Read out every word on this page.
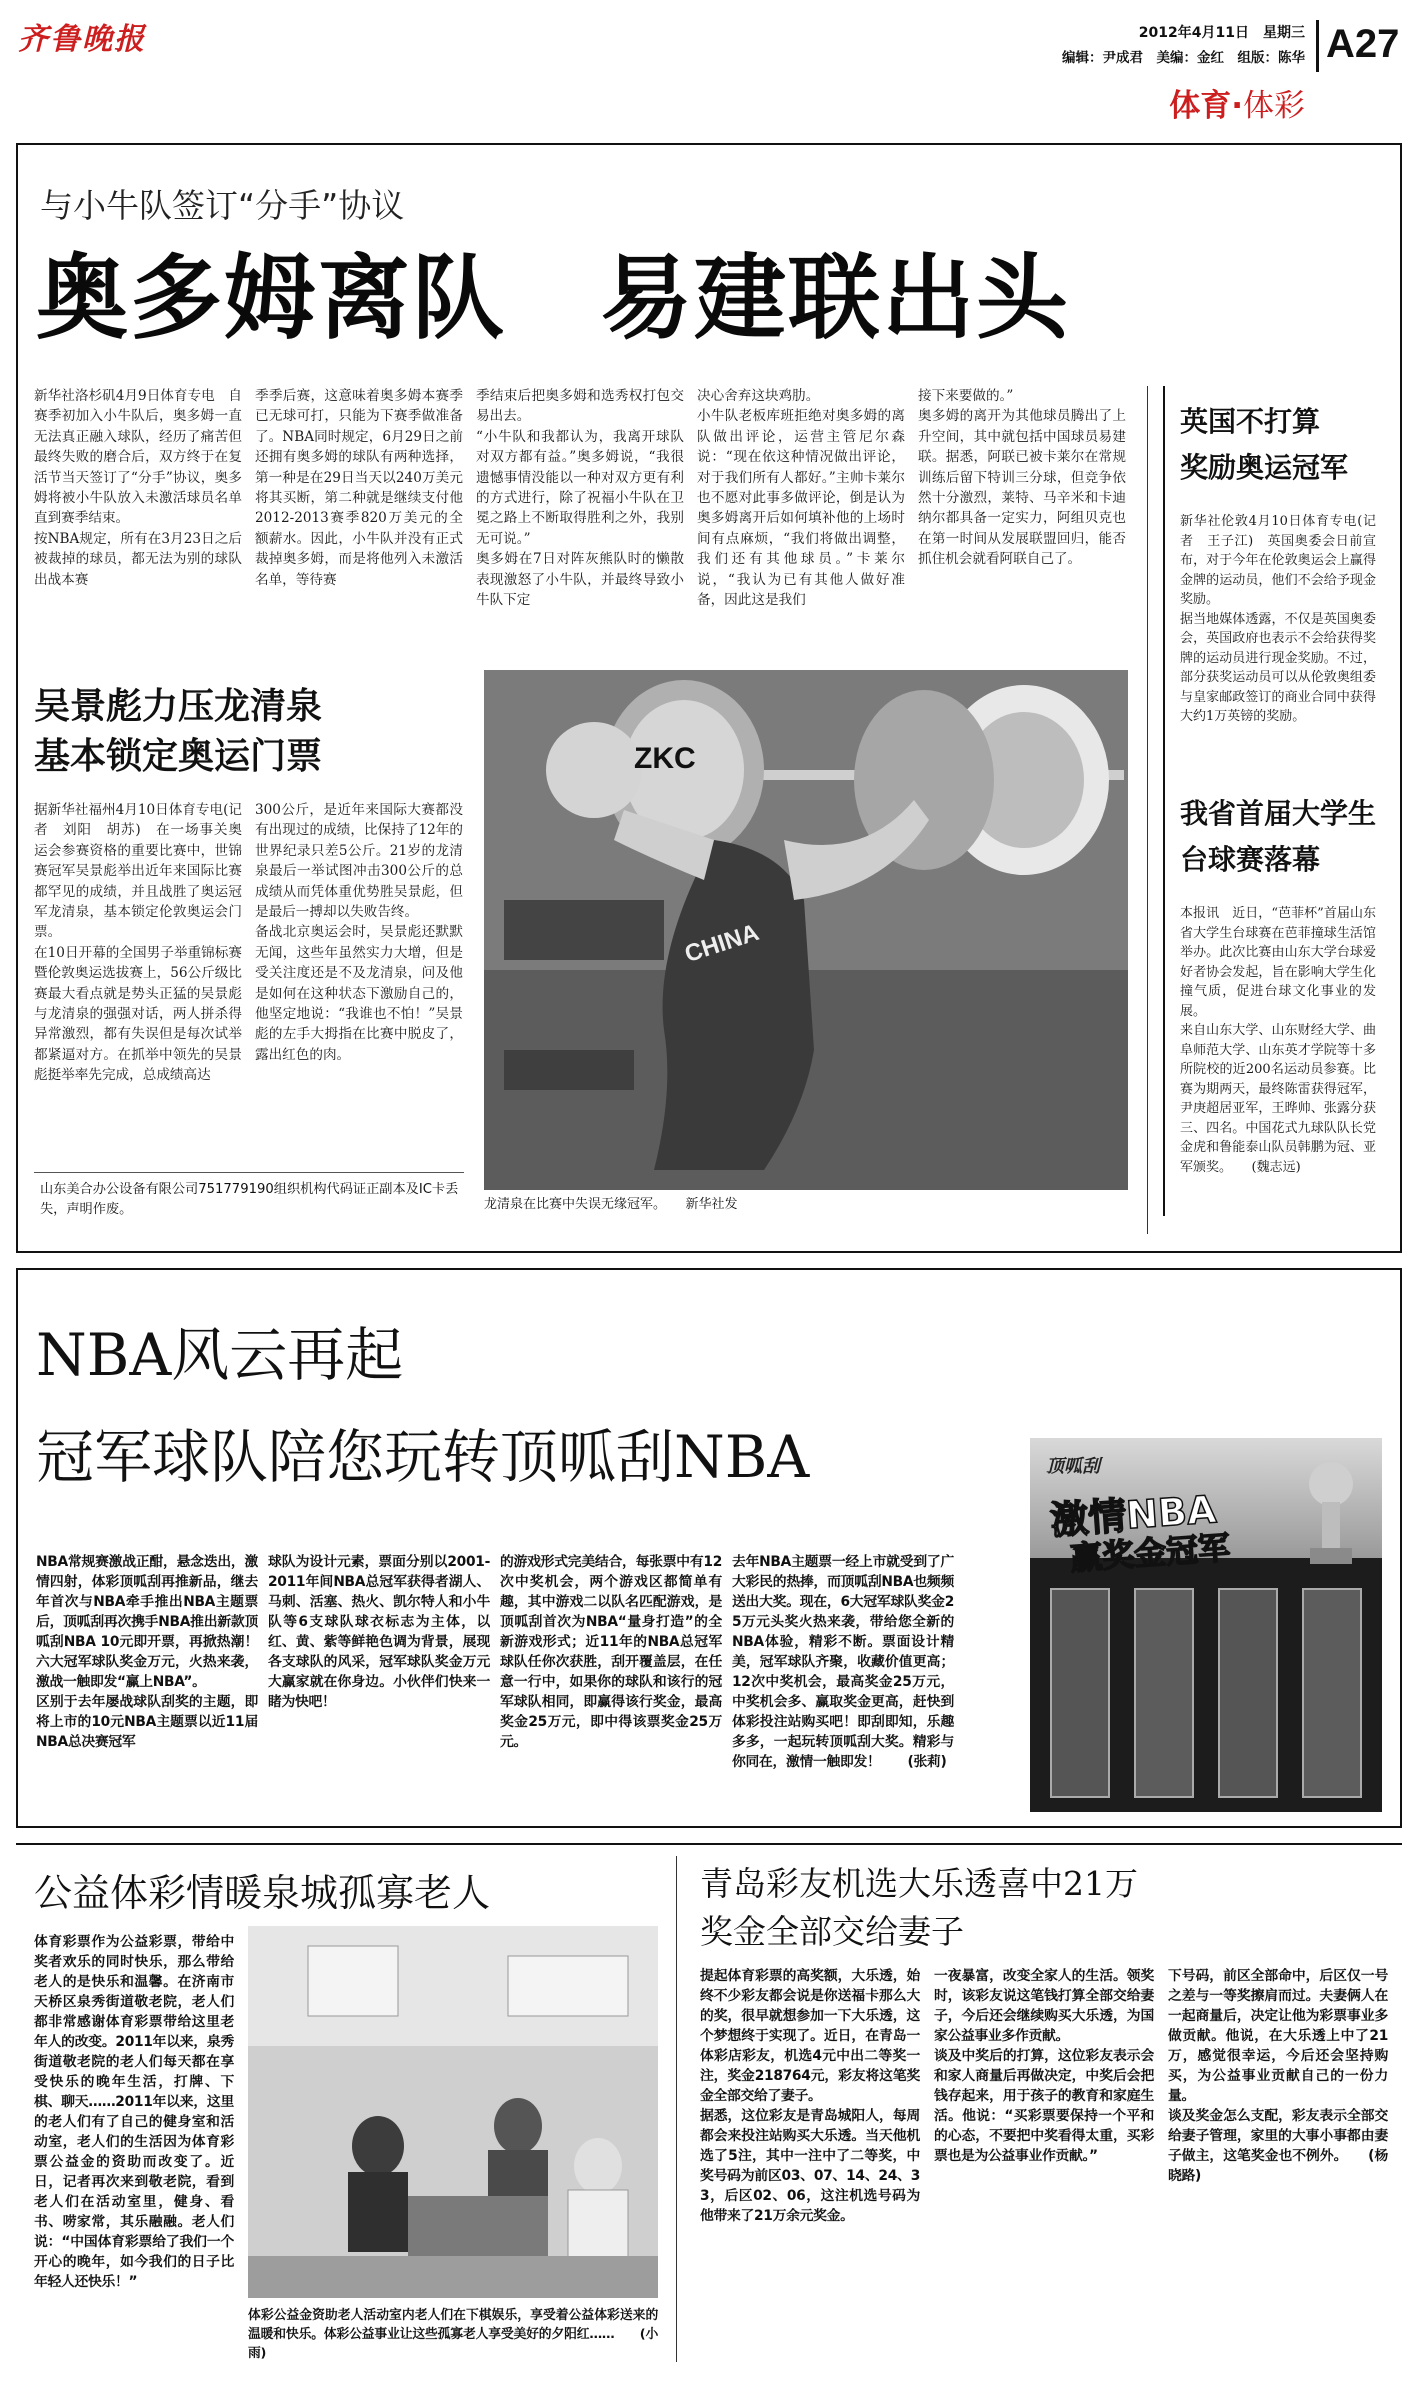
齐鲁晚报	2012年4月11日　星期三
编辑：尹成君　美编：金红　组版：陈华 A27
体育·体彩
与小牛队签订“分手”协议
奥多姆离队　易建联出头
新华社洛杉矶4月9日体育专电　自赛季初加入小牛队后，奥多姆一直无法真正融入球队，经历了痛苦但最终失败的磨合后，双方终于在复活节当天签订了“分手”协议，奥多姆将被小牛队放入未激活球员名单直到赛季结束。
按NBA规定，所有在3月23日之后被裁掉的球员，都无法为别的球队出战本赛
季季后赛，这意味着奥多姆本赛季已无球可打，只能为下赛季做准备了。NBA同时规定，6月29日之前还拥有奥多姆的球队有两种选择，第一种是在29日当天以240万美元将其买断，第二种就是继续支付他2012-2013赛季820万美元的全额薪水。因此，小牛队并没有正式裁掉奥多姆，而是将他列入未激活名单，等待赛
季结束后把奥多姆和选秀权打包交易出去。
“小牛队和我都认为，我离开球队对双方都有益。”奥多姆说，“我很遗憾事情没能以一种对双方更有利的方式进行，除了祝福小牛队在卫冕之路上不断取得胜利之外，我别无可说。”
奥多姆在7日对阵灰熊队时的懒散表现激怒了小牛队，并最终导致小牛队下定
决心舍弃这块鸡肋。
小牛队老板库班拒绝对奥多姆的离队做出评论，运营主管尼尔森说：“现在依这种情况做出评论，对于我们所有人都好。”主帅卡莱尔也不愿对此事多做评论，倒是认为奥多姆离开后如何填补他的上场时间有点麻烦，“我们将做出调整，我们还有其他球员。”卡莱尔说，“我认为已有其他人做好准备，因此这是我们
接下来要做的。”
奥多姆的离开为其他球员腾出了上升空间，其中就包括中国球员易建联。据悉，阿联已被卡莱尔在常规训练后留下特训三分球，但竞争依然十分激烈，莱特、马辛米和卡迪纳尔都具备一定实力，阿组贝克也在第一时间从发展联盟回归，能否抓住机会就看阿联自己了。
吴景彪力压龙清泉
基本锁定奥运门票
据新华社福州4月10日体育专电(记者　刘阳　胡苏)　在一场事关奥运会参赛资格的重要比赛中，世锦赛冠军吴景彪举出近年来国际比赛都罕见的成绩，并且战胜了奥运冠军龙清泉，基本锁定伦敦奥运会门票。
在10日开幕的全国男子举重锦标赛暨伦敦奥运选拔赛上，56公斤级比赛最大看点就是势头正猛的吴景彪与龙清泉的强强对话，两人拼杀得异常激烈，都有失误但是每次试举都紧逼对方。在抓举中领先的吴景彪挺举率先完成，总成绩高达
300公斤，是近年来国际大赛都没有出现过的成绩，比保持了12年的世界纪录只差5公斤。21岁的龙清泉最后一举试图冲击300公斤的总成绩从而凭体重优势胜吴景彪，但是最后一搏却以失败告终。
备战北京奥运会时，吴景彪还默默无闻，这些年虽然实力大增，但是受关注度还是不及龙清泉，问及他是如何在这种状态下激励自己的，他坚定地说：“我谁也不怕！”吴景彪的左手大拇指在比赛中脱皮了，露出红色的肉。
ZKC
CHINA
龙清泉在比赛中失误无缘冠军。　　新华社发
山东美合办公设备有限公司751779190组织机构代码证正副本及IC卡丢失，声明作废。
英国不打算
奖励奥运冠军
新华社伦敦4月10日体育专电(记者　王子江)　英国奥委会日前宣布，对于今年在伦敦奥运会上赢得金牌的运动员，他们不会给予现金奖励。
据当地媒体透露，不仅是英国奥委会，英国政府也表示不会给获得奖牌的运动员进行现金奖励。不过，部分获奖运动员可以从伦敦奥组委与皇家邮政签订的商业合同中获得大约1万英镑的奖励。
我省首届大学生
台球赛落幕
本报讯　近日，“芭菲杯”首届山东省大学生台球赛在芭菲撞球生活馆举办。此次比赛由山东大学台球爱好者协会发起，旨在影响大学生化撞气质，促进台球文化事业的发展。
来自山东大学、山东财经大学、曲阜师范大学、山东英才学院等十多所院校的近200名运动员参赛。比赛为期两天，最终陈雷获得冠军，尹庚超居亚军，王晔帅、张露分获三、四名。中国花式九球队队长党金虎和鲁能泰山队员韩鹏为冠、亚军颁奖。　　(魏志远)
NBA风云再起
冠军球队陪您玩转顶呱刮NBA
NBA常规赛激战正酣，悬念迭出，激情四射，体彩顶呱刮再推新品，继去年首次与NBA牵手推出NBA主题票后，顶呱刮再次携手NBA推出新款顶呱刮NBA 10元即开票，再掀热潮！六大冠军球队奖金万元，火热来袭，激战一触即发“赢上NBA”。
区别于去年屡战球队刮奖的主题，即将上市的10元NBA主题票以近11届NBA总决赛冠军
球队为设计元素，票面分别以2001-2011年间NBA总冠军获得者湖人、马刺、活塞、热火、凯尔特人和小牛队等6支球队球衣标志为主体，以红、黄、紫等鲜艳色调为背景，展现各支球队的风采，冠军球队奖金万元大赢家就在你身边。小伙伴们快来一睹为快吧！
的游戏形式完美结合，每张票中有12次中奖机会，两个游戏区都简单有趣，其中游戏二以队名匹配游戏，是顶呱刮首次为NBA“量身打造”的全新游戏形式；近11年的NBA总冠军球队任你次获胜，刮开覆盖层，在任意一行中，如果你的球队和该行的冠军球队相同，即赢得该行奖金，最高奖金25万元，即中得该票奖金25万元。
去年NBA主题票一经上市就受到了广大彩民的热捧，而顶呱刮NBA也频频送出大奖。现在，6大冠军球队奖金25万元头奖火热来袭，带给您全新的NBA体验，精彩不断。票面设计精美，冠军球队齐聚，收藏价值更高；12次中奖机会，最高奖金25万元，中奖机会多、赢取奖金更高，赶快到体彩投注站购买吧！即刮即知，乐趣多多，一起玩转顶呱刮大奖。精彩与你同在，激情一触即发！　　(张莉)
顶呱刮
激情NBA
赢奖金冠军
公益体彩情暖泉城孤寡老人
体育彩票作为公益彩票，带给中奖者欢乐的同时快乐，那么带给老人的是快乐和温馨。在济南市天桥区泉秀街道敬老院，老人们都非常感谢体育彩票带给这里老年人的改变。2011年以来，泉秀街道敬老院的老人们每天都在享受快乐的晚年生活，打牌、下棋、聊天……2011年以来，这里的老人们有了自己的健身室和活动室，老人们的生活因为体育彩票公益金的资助而改变了。近日，记者再次来到敬老院，看到老人们在活动室里，健身、看书、唠家常，其乐融融。老人们说：“中国体育彩票给了我们一个开心的晚年，如今我们的日子比年轻人还快乐！”
体彩公益金资助老人活动室内老人们在下棋娱乐，享受着公益体彩送来的温暖和快乐。体彩公益事业让这些孤寡老人享受美好的夕阳红……　　(小雨)
青岛彩友机选大乐透喜中21万
奖金全部交给妻子
提起体育彩票的高奖额，大乐透，始终不少彩友都会说是你送福卡那么大的奖，很早就想参加一下大乐透，这个梦想终于实现了。近日，在青岛一体彩店彩友，机选4元中出二等奖一注，奖金218764元，彩友将这笔奖金全部交给了妻子。
据悉，这位彩友是青岛城阳人，每周都会来投注站购买大乐透。当天他机选了5注，其中一注中了二等奖，中奖号码为前区03、07、14、24、33，后区02、06，这注机选号码为他带来了21万余元奖金。
一夜暴富，改变全家人的生活。领奖时，该彩友说这笔钱打算全部交给妻子，今后还会继续购买大乐透，为国家公益事业多作贡献。
谈及中奖后的打算，这位彩友表示会和家人商量后再做决定，中奖后会把钱存起来，用于孩子的教育和家庭生活。他说：“买彩票要保持一个平和的心态，不要把中奖看得太重，买彩票也是为公益事业作贡献。”
下号码，前区全部命中，后区仅一号之差与一等奖擦肩而过。夫妻俩人在一起商量后，决定让他为彩票事业多做贡献。他说，在大乐透上中了21万，感觉很幸运，今后还会坚持购买，为公益事业贡献自己的一份力量。
谈及奖金怎么支配，彩友表示全部交给妻子管理，家里的大事小事都由妻子做主，这笔奖金也不例外。　　(杨晓路)
